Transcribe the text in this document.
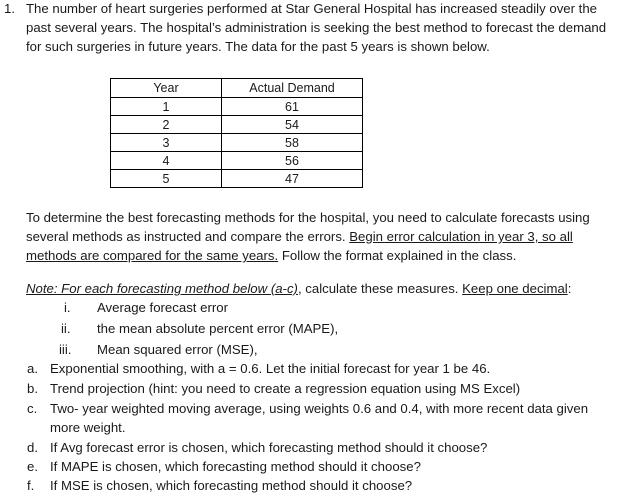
1. The number of heart surgeries performed at Star General Hospital has increased steadily over the
past several years. The hospital’s administration is seeking the best method to forecast the demand
for such surgeries in future years. The data for the past 5 years is shown below.
Year	Actual Demand
1	61
2	54
3	58
4	56
5	47
To determine the best forecasting methods for the hospital, you need to calculate forecasts using
several methods as instructed and compare the errors. Begin error calculation in year 3, so all
methods are compared for the same years. Follow the format explained in the class.
Note: For each forecasting method below (a-c), calculate these measures. Keep one decimal:
i. Average forecast error
ii. the mean absolute percent error (MAPE),
iii. Mean squared error (MSE),
a. Exponential smoothing, with a = 0.6. Let the initial forecast for year 1 be 46.
b. Trend projection (hint: you need to create a regression equation using MS Excel)
c. Two- year weighted moving average, using weights 0.6 and 0.4, with more recent data given
more weight.
d. If Avg forecast error is chosen, which forecasting method should it choose?
e. If MAPE is chosen, which forecasting method should it choose?
f. If MSE is chosen, which forecasting method should it choose?
